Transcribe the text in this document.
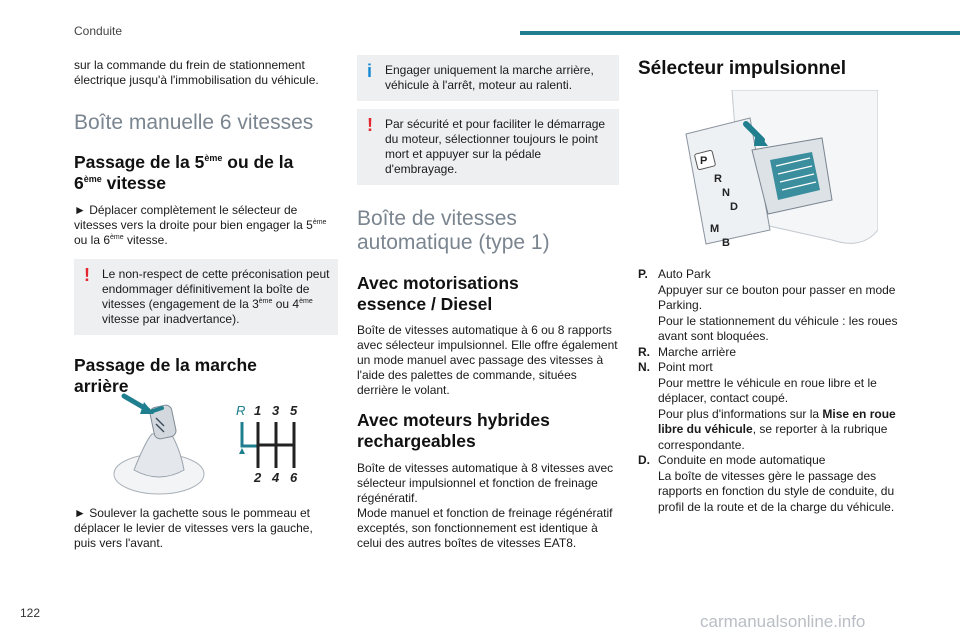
Conduite

sur la commande du frein de stationnement électrique jusqu'à l'immobilisation du véhicule.

Boîte manuelle 6 vitesses
Passage de la 5ème ou de la
6ème vitesse

► Déplacer complètement le sélecteur de vitesses vers la droite pour bien engager la 5ème ou la 6ème vitesse.

!	Le non-respect de cette préconisation peut endommager définitivement la boîte de vitesses (engagement de la 3ème ou 4ème vitesse par inadvertance).
Passage de la marche arrière
R 1 3 5
2 4 6

► Soulever la gachette sous le pommeau et déplacer le levier de vitesses vers la gauche, puis vers l'avant.

i	Engager uniquement la marche arrière, véhicule à l'arrêt, moteur au ralenti.
!	Par sécurité et pour faciliter le démarrage du moteur, sélectionner toujours le point mort et appuyer sur la pédale d'embrayage.
Boîte de vitesses automatique (type 1)
Avec motorisations essence / Diesel

Boîte de vitesses automatique à 6 ou 8 rapports avec sélecteur impulsionnel. Elle offre également un mode manuel avec passage des vitesses à l'aide des palettes de commande, situées derrière le volant.

Avec moteurs hybrides rechargeables

Boîte de vitesses automatique à 8 vitesses avec sélecteur impulsionnel et fonction de freinage régénératif.

Mode manuel et fonction de freinage régénératif exceptés, son fonctionnement est identique à celui des autres boîtes de vitesses EAT8.

Sélecteur impulsionnel
P
R
N
D
M
B
P. Auto Park
Appuyer sur ce bouton pour passer en mode Parking.
Pour le stationnement du véhicule : les roues avant sont bloquées.
R. Marche arrière
N. Point mort
Pour mettre le véhicule en roue libre et le déplacer, contact coupé.
Pour plus d'informations sur la Mise en roue libre du véhicule, se reporter à la rubrique correspondante.
D. Conduite en mode automatique
La boîte de vitesses gère le passage des rapports en fonction du style de conduite, du profil de la route et de la charge du véhicule.
122	carmanualsonline.info
